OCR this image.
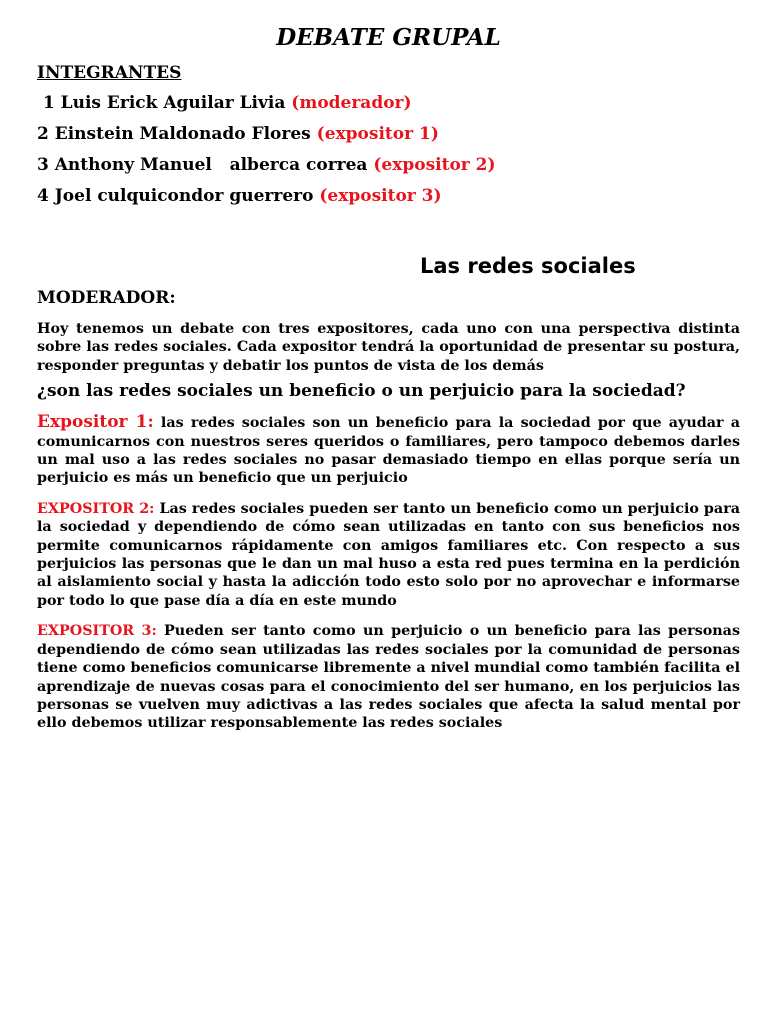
DEBATE GRUPAL
INTEGRANTES
1 Luis Erick Aguilar Livia (moderador)
2 Einstein Maldonado Flores (expositor 1)
3 Anthony Manuel   alberca correa (expositor 2)
4 Joel culquicondor guerrero (expositor 3)
Las redes sociales
MODERADOR:

Hoy tenemos un debate con tres expositores, cada uno con una perspectiva distinta sobre las redes sociales. Cada expositor tendrá la oportunidad de presentar su postura, responder preguntas y debatir los puntos de vista de los demás

¿son las redes sociales un beneficio o un perjuicio para la sociedad?

Expositor 1: las redes sociales son un beneficio para la sociedad por que ayudar a comunicarnos con nuestros seres queridos o familiares, pero tampoco debemos darles un mal uso a las redes sociales no pasar demasiado tiempo en ellas porque sería un perjuicio es más un beneficio que un perjuicio

EXPOSITOR 2: Las redes sociales pueden ser tanto un beneficio como un perjuicio para la sociedad y dependiendo de cómo sean utilizadas en tanto con sus beneficios nos permite comunicarnos rápidamente con amigos familiares etc. Con respecto a sus perjuicios las personas que le dan un mal huso a esta red pues termina en la perdición al aislamiento social y hasta la adicción todo esto solo por no aprovechar e informarse por todo lo que pase día a día en este mundo

EXPOSITOR 3: Pueden ser tanto como un perjuicio o un beneficio para las personas dependiendo de cómo sean utilizadas las redes sociales por la comunidad de personas tiene como beneficios comunicarse libremente a nivel mundial como también facilita el aprendizaje de nuevas cosas para el conocimiento del ser humano, en los perjuicios las personas se vuelven muy adictivas a las redes sociales que afecta la salud mental por ello debemos utilizar responsablemente las redes sociales
